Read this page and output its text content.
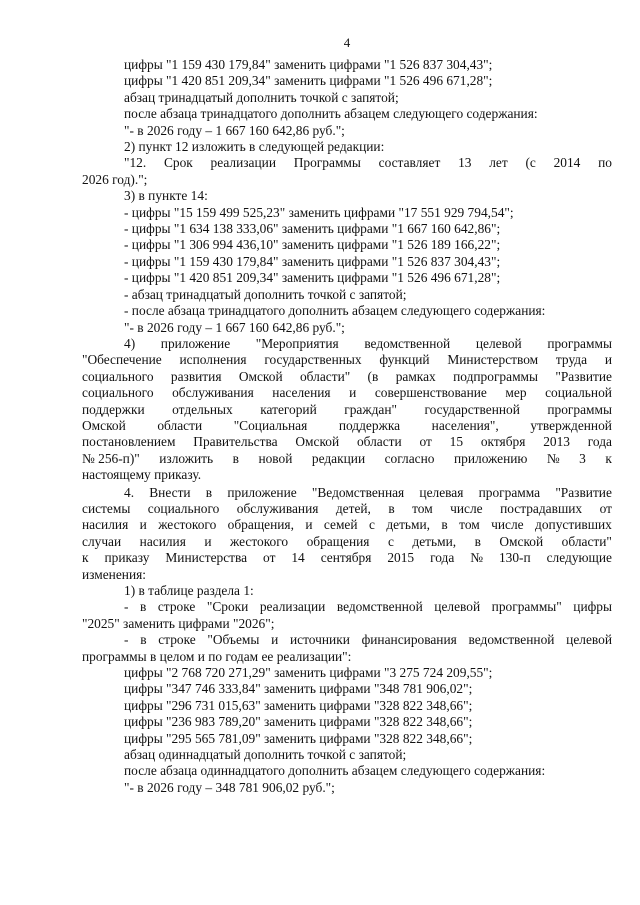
4
цифры "1 159 430 179,84" заменить цифрами "1 526 837 304,43";
цифры "1 420 851 209,34" заменить цифрами "1 526 496 671,28";
абзац тринадцатый дополнить точкой с запятой;
после абзаца тринадцатого дополнить абзацем следующего содержания:
"- в 2026 году – 1 667 160 642,86 руб.";
2) пункт 12 изложить в следующей редакции:
"12. Срок реализации Программы составляет 13 лет (с 2014 по
2026 год).";
3) в пункте 14:
- цифры "15 159 499 525,23" заменить цифрами "17 551 929 794,54";
- цифры "1 634 138 333,06" заменить цифрами "1 667 160 642,86";
- цифры "1 306 994 436,10" заменить цифрами "1 526 189 166,22";
- цифры "1 159 430 179,84" заменить цифрами "1 526 837 304,43";
- цифры "1 420 851 209,34" заменить цифрами "1 526 496 671,28";
- абзац тринадцатый дополнить точкой с запятой;
- после абзаца тринадцатого дополнить абзацем следующего содержания:
"- в 2026 году – 1 667 160 642,86 руб.";
4) приложение "Мероприятия ведомственной целевой программы
"Обеспечение исполнения государственных функций Министерством труда и
социального развития Омской области" (в рамках подпрограммы "Развитие
социального обслуживания населения и совершенствование мер социальной
поддержки отдельных категорий граждан" государственной программы
Омской области "Социальная поддержка населения", утвержденной
постановлением Правительства Омской области от 15 октября 2013 года
№ 256-п)" изложить в новой редакции согласно приложению № 3 к
настоящему приказу.
4. Внести в приложение "Ведомственная целевая программа "Развитие
системы социального обслуживания детей, в том числе пострадавших от
насилия и жестокого обращения, и семей с детьми, в том числе допустивших
случаи насилия и жестокого обращения с детьми, в Омской области"
к приказу Министерства от 14 сентября 2015 года № 130-п следующие
изменения:
1) в таблице раздела 1:
- в строке "Сроки реализации ведомственной целевой программы" цифры
"2025" заменить цифрами "2026";
- в строке "Объемы и источники финансирования ведомственной целевой
программы в целом и по годам ее реализации":
цифры "2 768 720 271,29" заменить цифрами "3 275 724 209,55";
цифры "347 746 333,84" заменить цифрами "348 781 906,02";
цифры "296 731 015,63" заменить цифрами "328 822 348,66";
цифры "236 983 789,20" заменить цифрами "328 822 348,66";
цифры "295 565 781,09" заменить цифрами "328 822 348,66";
абзац одиннадцатый дополнить точкой с запятой;
после абзаца одиннадцатого дополнить абзацем следующего содержания:
"- в 2026 году – 348 781 906,02 руб.";
